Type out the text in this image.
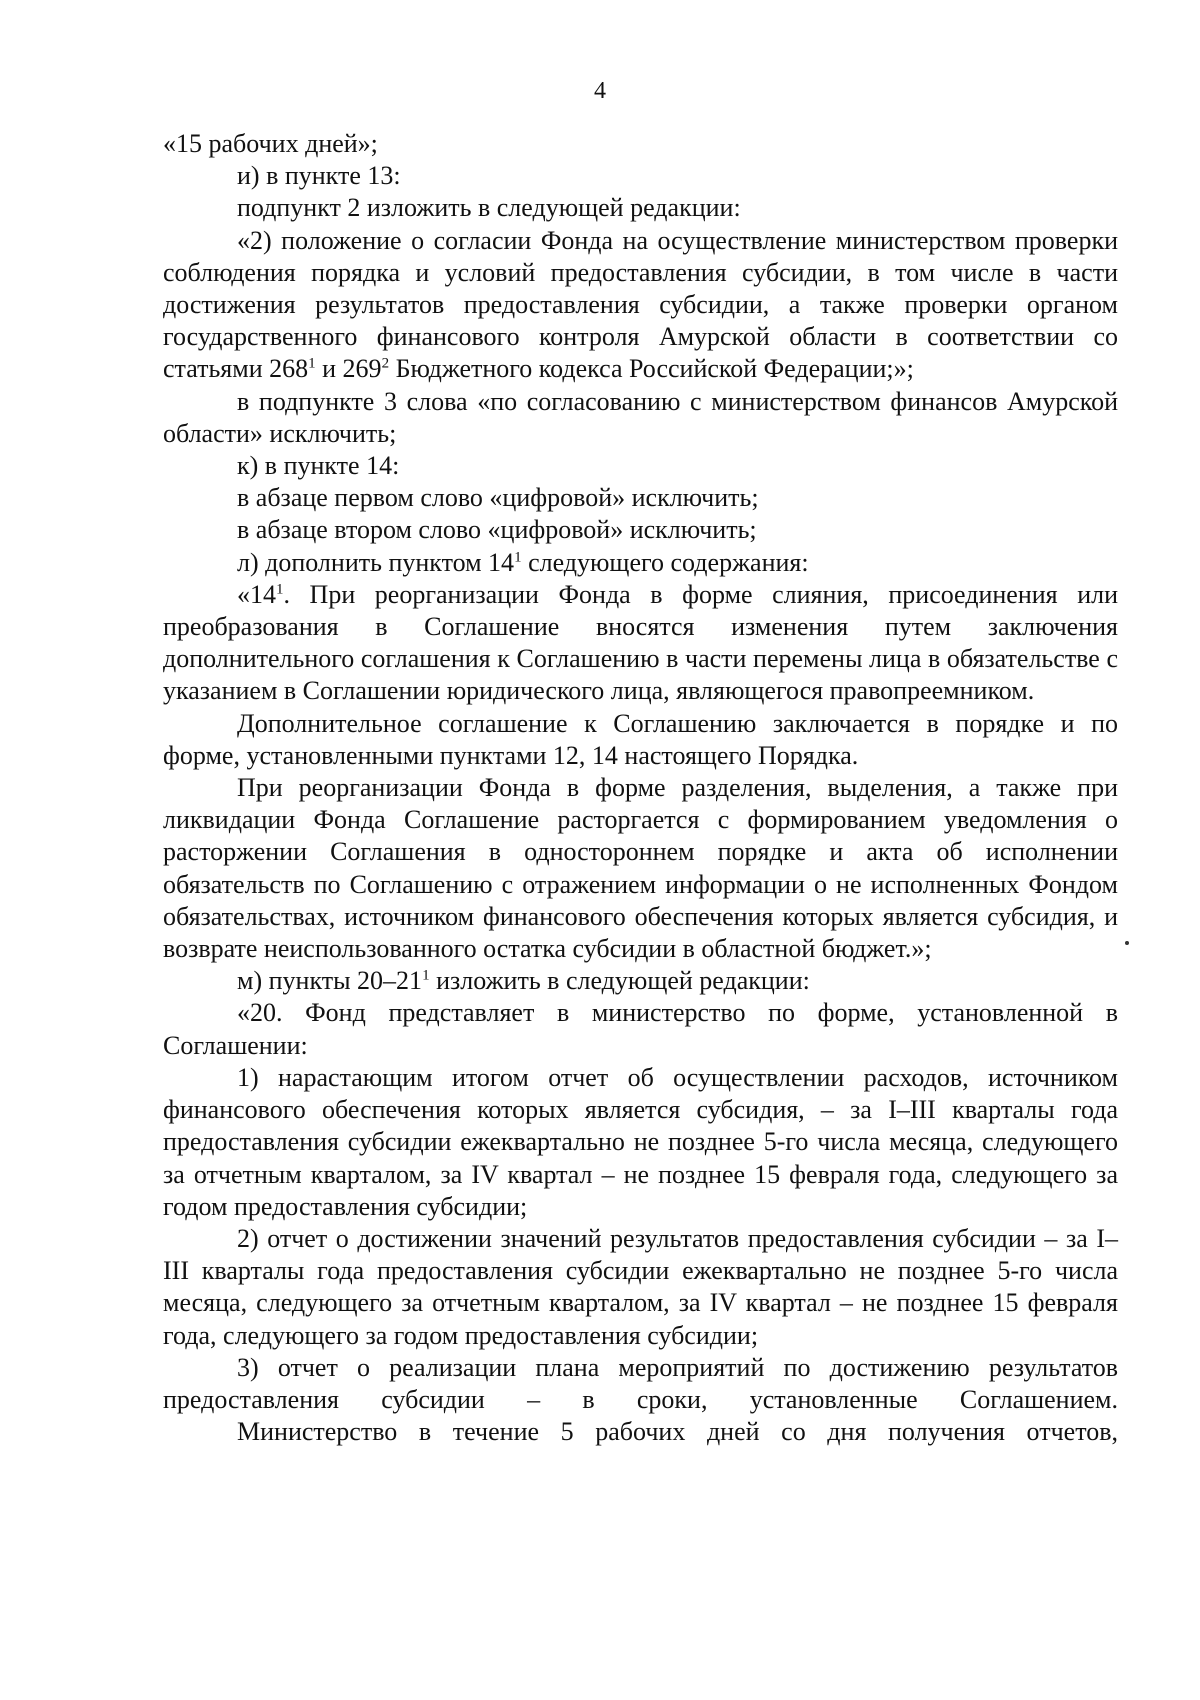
4

«15 рабочих дней»;

и) в пункте 13:

подпункт 2 изложить в следующей редакции:

«2) положение о согласии Фонда на осуществление министерством проверки соблюдения порядка и условий предоставления субсидии, в том числе в части достижения результатов предоставления субсидии, а также проверки органом государственного финансового контроля Амурской области в соответствии со статьями $268^1$ и $269^2$ Бюджетного кодекса Российской Федерации;»;

в подпункте 3 слова «по согласованию с министерством финансов Амурской области» исключить;

к) в пункте 14:

в абзаце первом слово «цифровой» исключить;

в абзаце втором слово «цифровой» исключить;

л) дополнить пунктом $14^1$ следующего содержания:

«$14^1$. При реорганизации Фонда в форме слияния, присоединения или преобразования в Соглашение вносятся изменения путем заключения дополнительного соглашения к Соглашению в части перемены лица в обязательстве с указанием в Соглашении юридического лица, являющегося правопреемником.

Дополнительное соглашение к Соглашению заключается в порядке и по форме, установленными пунктами 12, 14 настоящего Порядка.

При реорганизации Фонда в форме разделения, выделения, а также при ликвидации Фонда Соглашение расторгается с формированием уведомления о расторжении Соглашения в одностороннем порядке и акта об исполнении обязательств по Соглашению с отражением информации о не исполненных Фондом обязательствах, источником финансового обеспечения которых является субсидия, и возврате неиспользованного остатка субсидии в областной бюджет.»;

м) пункты $20-21^1$ изложить в следующей редакции:

«20. Фонд представляет в министерство по форме, установленной в Соглашении:

1) нарастающим итогом отчет об осуществлении расходов, источником финансового обеспечения которых является субсидия, – за I–III кварталы года предоставления субсидии ежеквартально не позднее 5-го числа месяца, следующего за отчетным кварталом, за IV квартал – не позднее 15 февраля года, следующего за годом предоставления субсидии;

2) отчет о достижении значений результатов предоставления субсидии – за I–III кварталы года предоставления субсидии ежеквартально не позднее 5-го числа месяца, следующего за отчетным кварталом, за IV квартал – не позднее 15 февраля года, следующего за годом предоставления субсидии;

3) отчет о реализации плана мероприятий по достижению результатов предоставления субсидии – в сроки, установленные Соглашением.

Министерство в течение 5 рабочих дней со дня получения отчетов,
